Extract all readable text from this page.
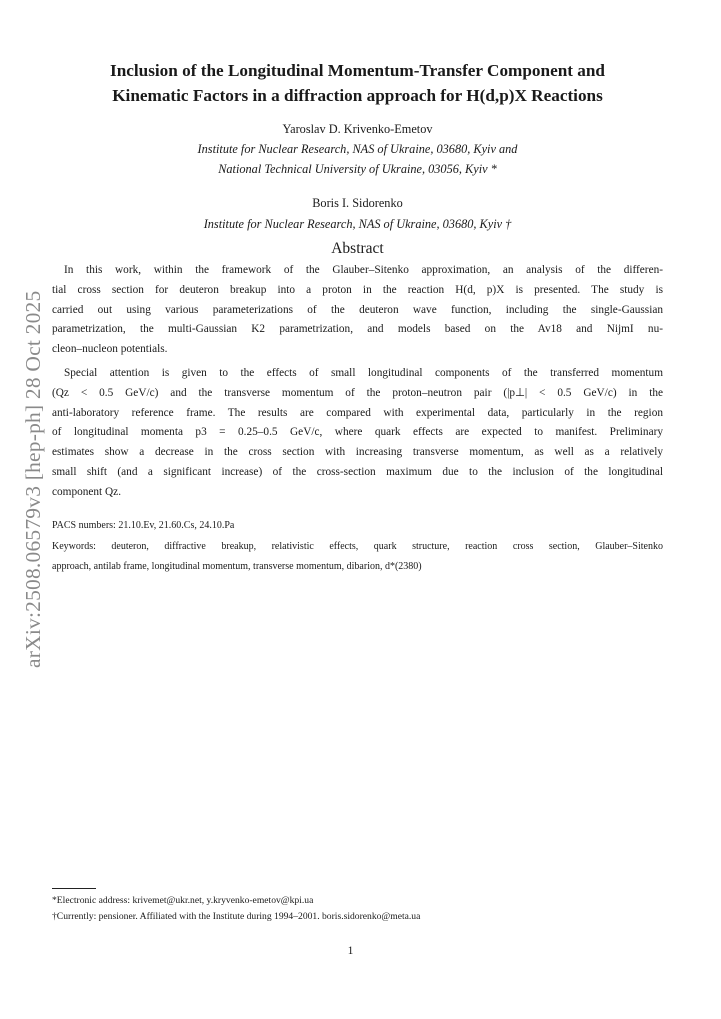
arXiv:2508.06579v3 [hep-ph] 28 Oct 2025
Inclusion of the Longitudinal Momentum-Transfer Component and
Kinematic Factors in a diffraction approach for H(d,p)X Reactions
Yaroslav D. Krivenko-Emetov
Institute for Nuclear Research, NAS of Ukraine, 03680, Kyiv and
National Technical University of Ukraine, 03056, Kyiv *
Boris I. Sidorenko
Institute for Nuclear Research, NAS of Ukraine, 03680, Kyiv †
Abstract
In this work, within the framework of the Glauber–Sitenko approximation, an analysis of the differen-
tial cross section for deuteron breakup into a proton in the reaction H(d, p)X is presented. The study is
carried out using various parameterizations of the deuteron wave function, including the single-Gaussian
parametrization, the multi-Gaussian K2 parametrization, and models based on the Av18 and NijmI nu-
cleon–nucleon potentials.
Special attention is given to the effects of small longitudinal components of the transferred momentum
(Qz < 0.5 GeV/c) and the transverse momentum of the proton–neutron pair (|p⊥| < 0.5 GeV/c) in the
anti-laboratory reference frame. The results are compared with experimental data, particularly in the region
of longitudinal momenta p3 = 0.25–0.5 GeV/c, where quark effects are expected to manifest. Preliminary
estimates show a decrease in the cross section with increasing transverse momentum, as well as a relatively
small shift (and a significant increase) of the cross-section maximum due to the inclusion of the longitudinal
component Qz.
PACS numbers: 21.10.Ev, 21.60.Cs, 24.10.Pa
Keywords: deuteron, diffractive breakup, relativistic effects, quark structure, reaction cross section, Glauber–Sitenko
approach, antilab frame, longitudinal momentum, transverse momentum, dibarion, d*(2380)
*Electronic address: krivemet@ukr.net, y.kryvenko-emetov@kpi.ua
†Currently: pensioner. Affiliated with the Institute during 1994–2001. boris.sidorenko@meta.ua
1
